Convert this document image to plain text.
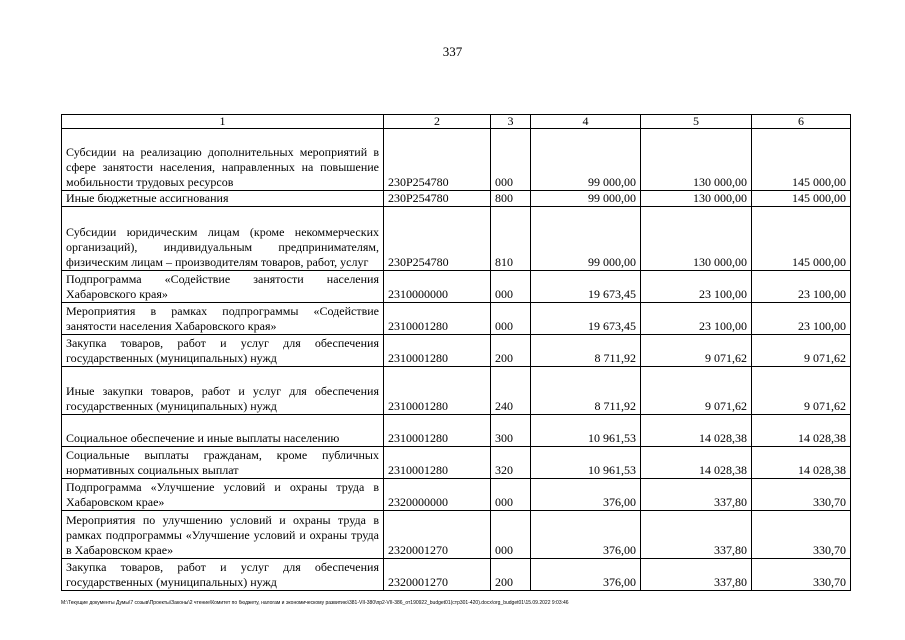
337
1	2	3	4	5	6
Субсидии на реализацию дополнительных мероприятий в сфере занятости населения, направленных на повышение мобильности трудовых ресурсов	230P254780	000	99 000,00	130 000,00	145 000,00
Иные бюджетные ассигнования	230P254780	800	99 000,00	130 000,00	145 000,00
Субсидии юридическим лицам (кроме некоммерческих организаций), индивидуальным предпринимателям, физическим лицам – производителям товаров, работ, услуг	230P254780	810	99 000,00	130 000,00	145 000,00
Подпрограмма «Содействие занятости населения Хабаровского края»	2310000000	000	19 673,45	23 100,00	23 100,00
Мероприятия в рамках подпрограммы «Содействие занятости населения Хабаровского края»	2310001280	000	19 673,45	23 100,00	23 100,00
Закупка товаров, работ и услуг для обеспечения государственных (муниципальных) нужд	2310001280	200	8 711,92	9 071,62	9 071,62
Иные закупки товаров, работ и услуг для обеспечения государственных (муниципальных) нужд	2310001280	240	8 711,92	9 071,62	9 071,62
Социальное обеспечение и иные выплаты населению	2310001280	300	10 961,53	14 028,38	14 028,38
Социальные выплаты гражданам, кроме публичных нормативных социальных выплат	2310001280	320	10 961,53	14 028,38	14 028,38
Подпрограмма «Улучшение условий и охраны труда в Хабаровском крае»	2320000000	000	376,00	337,80	330,70
Мероприятия по улучшению условий и охраны труда в рамках подпрограммы «Улучшение условий и охраны труда в Хабаровском крае»	2320001270	000	376,00	337,80	330,70
Закупка товаров, работ и услуг для обеспечения государственных (муниципальных) нужд	2320001270	200	376,00	337,80	330,70
М:\Текущие документы Думы\7 созыв\Проекты\Законы\2 чтение\Комитет по бюджету, налогам и экономическому развитию\381-VII-380\пр2-VII-386_от190922_budget01(стр301-420).docx\org_budget01\15.09.2022 9:03:46
